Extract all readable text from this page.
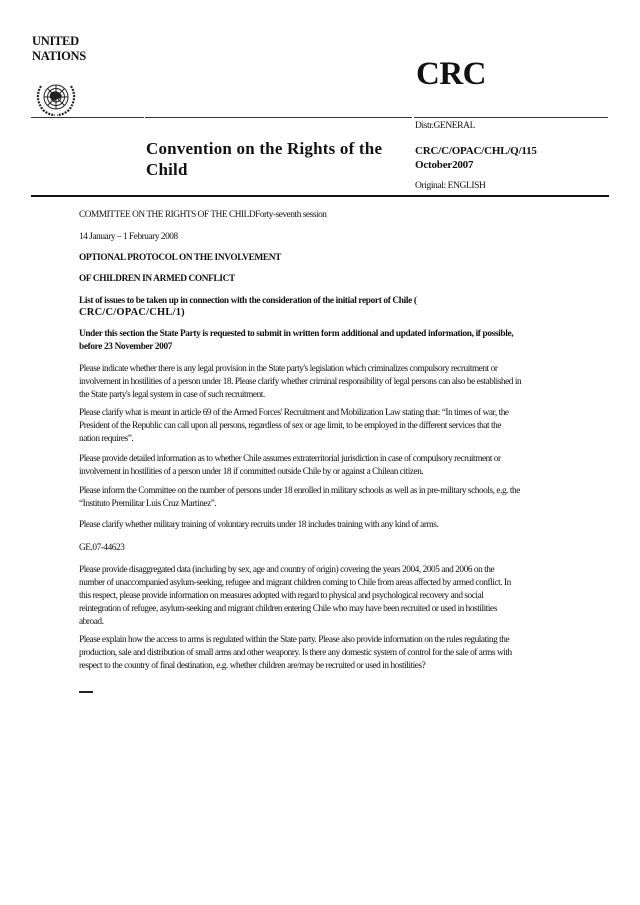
UNITED
NATIONS	CRC
Convention on the Rights of the
Child
Distr.GENERAL
CRC/C/OPAC/CHL/Q/115
October2007
Original: ENGLISH
COMMITTEE ON THE RIGHTS OF THE CHILDForty-seventh session
14 January – 1 February 2008
OPTIONAL PROTOCOL ON THE INVOLVEMENT
OF CHILDREN IN ARMED CONFLICT
List of issues to be taken up in connection with the consideration of the initial report of Chile (
CRC/C/OPAC/CHL/1)
Under this section the State Party is requested to submit in written form additional and updated information, if possible,
before 23 November 2007
Please indicate whether there is any legal provision in the State party's legislation which criminalizes compulsory recruitment or
involvement in hostilities of a person under 18. Please clarify whether criminal responsibility of legal persons can also be established in
the State party's legal system in case of such recruitment.
Please clarify what is meant in article 69 of the Armed Forces' Recruitment and Mobilization Law stating that: “In times of war, the
President of the Republic can call upon all persons, regardless of sex or age limit, to be employed in the different services that the
nation requires”.
Please provide detailed information as to whether Chile assumes extraterritorial jurisdiction in case of compulsory recruitment or
involvement in hostilities of a person under 18 if committed outside Chile by or against a Chilean citizen.
Please inform the Committee on the number of persons under 18 enrolled in military schools as well as in pre-military schools, e.g. the
“Instituto Premilitar Luis Cruz Martinez”.
Please clarify whether military training of voluntary recruits under 18 includes training with any kind of arms.
GE.07-44623
Please provide disaggregated data (including by sex, age and country of origin) covering the years 2004, 2005 and 2006 on the
number of unaccompanied asylum-seeking, refugee and migrant children coming to Chile from areas affected by armed conflict. In
this respect, please provide information on measures adopted with regard to physical and psychological recovery and social
reintegration of refugee, asylum-seeking and migrant children entering Chile who may have been recruited or used in hostilities
abroad.
Please explain how the access to arms is regulated within the State party. Please also provide information on the rules regulating the
production, sale and distribution of small arms and other weaponry. Is there any domestic system of control for the sale of arms with
respect to the country of final destination, e.g. whether children are/may be recruited or used in hostilities?
